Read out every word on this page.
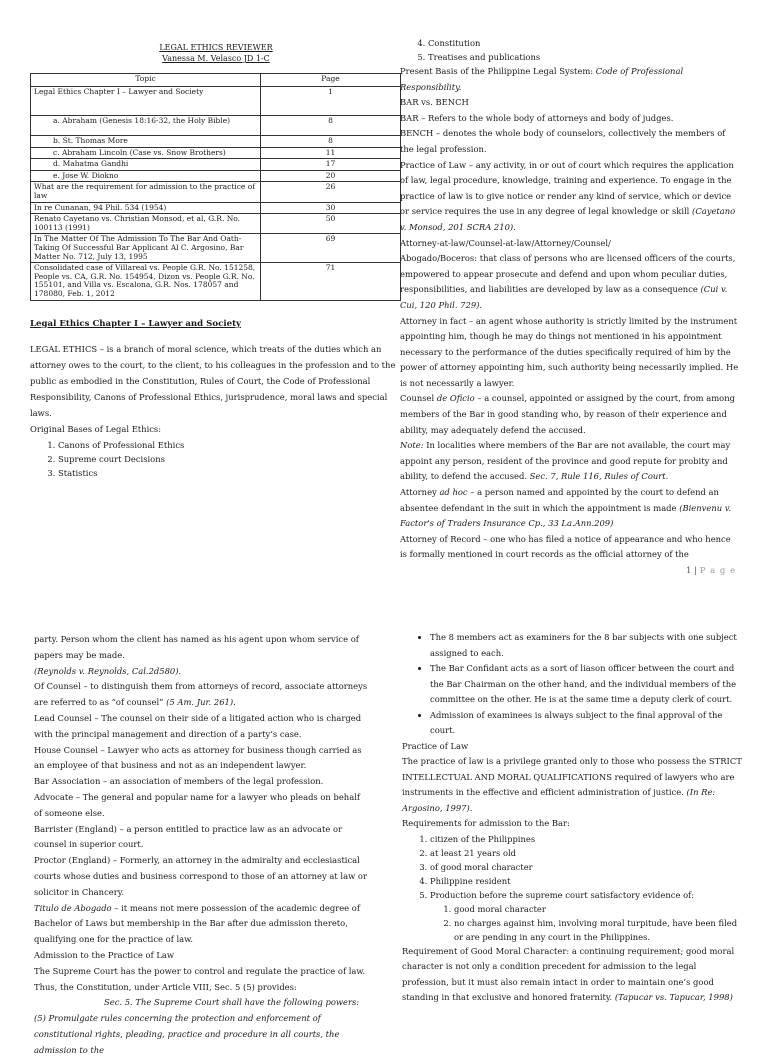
LEGAL ETHICS REVIEWER
Vanessa M. Velasco JD 1-C
Topic	Page
Legal Ethics Chapter I – Lawyer and Society	1
a. Abraham (Genesis 18:16-32, the Holy Bible)	8
b. St. Thomas More	8
c. Abraham Lincoln (Case vs. Snow Brothers)	11
d. Mahatma Gandhi	17
e. Jose W. Diokno	20
What are the requirement for admission to the practice of law	26
In re Cunanan, 94 Phil. 534 (1954)	30
Renato Cayetano vs. Christian Monsod, et al, G.R. No. 100113 (1991)	50
In The Matter Of The Admission To The Bar And Oath-Taking Of Successful Bar Applicant Al C. Argosino, Bar Matter No. 712, July 13, 1995	69
Consolidated case of Villareal vs. People G.R. No. 151258, People vs. CA, G.R. No. 154954, Dizon vs. People G.R. No. 155101, and Villa vs. Escalona, G.R. Nos. 178057 and 178080, Feb. 1, 2012	71

Legal Ethics Chapter I – Lawyer and Society

LEGAL ETHICS – is a branch of moral science, which treats of the duties which an attorney owes to the court, to the client, to his colleagues in the profession and to the public as embodied in the Constitution, Rules of Court, the Code of Professional Responsibility, Canons of Professional Ethics, jurisprudence, moral laws and special laws.

Original Bases of Legal Ethics:

1. Canons of Professional Ethics
2. Supreme court Decisions
3. Statistics
4. Constitution
5. Treatises and publications

Present Basis of the Philippine Legal System: Code of Professional Responsibility.

BAR vs. BENCH

BAR – Refers to the whole body of attorneys and body of judges.

BENCH – denotes the whole body of counselors, collectively the members of the legal profession.

Practice of Law – any activity, in or out of court which requires the application of law, legal procedure, knowledge, training and experience. To engage in the practice of law is to give notice or render any kind of service, which or device or service requires the use in any degree of legal knowledge or skill (Cayetano v. Monsod, 201 SCRA 210).

Attorney-at-law/Counsel-at-law/Attorney/Counsel/

Abogado/Boceros: that class of persons who are licensed officers of the courts, empowered to appear prosecute and defend and upon whom peculiar duties, responsibilities, and liabilities are developed by law as a consequence (Cui v. Cui, 120 Phil. 729).

Attorney in fact – an agent whose authority is strictly limited by the instrument appointing him, though he may do things not mentioned in his appointment necessary to the performance of the duties specifically required of him by the power of attorney appointing him, such authority being necessarily implied. He is not necessarily a lawyer.

Counsel de Oficio – a counsel, appointed or assigned by the court, from among members of the Bar in good standing who, by reason of their experience and ability, may adequately defend the accused.

Note: In localities where members of the Bar are not available, the court may appoint any person, resident of the province and good repute for probity and ability, to defend the accused. Sec. 7, Rule 116, Rules of Court.

Attorney ad hoc – a person named and appointed by the court to defend an absentee defendant in the suit in which the appointment is made (Bienvenu v. Factor's of Traders Insurance Cp., 33 La.Ann.209)

Attorney of Record – one who has filed a notice of appearance and who hence is formally mentioned in court records as the official attorney of the

1 | P a g e

party. Person whom the client has named as his agent upon whom service of papers may be made.

(Reynolds v. Reynolds, Cal.2d580).

Of Counsel – to distinguish them from attorneys of record, associate attorneys are referred to as “of counsel” (5 Am. Jur. 261).

Lead Counsel – The counsel on their side of a litigated action who is charged with the principal management and direction of a party’s case.

House Counsel – Lawyer who acts as attorney for business though carried as an employee of that business and not as an independent lawyer.

Bar Association – an association of members of the legal profession.

Advocate – The general and popular name for a lawyer who pleads on behalf of someone else.

Barrister (England) – a person entitled to practice law as an advocate or counsel in superior court.

Proctor (England) – Formerly, an attorney in the admiralty and ecclesiastical courts whose duties and business correspond to those of an attorney at law or solicitor in Chancery.

Titulo de Abogado – it means not mere possession of the academic degree of Bachelor of Laws but membership in the Bar after due admission thereto, qualifying one for the practice of law.

Admission to the Practice of Law

The Supreme Court has the power to control and regulate the practice of law. Thus, the Constitution, under Article VIII, Sec. 5 (5) provides:

Sec. 5. The Supreme Court shall have the following powers:

(5) Promulgate rules concerning the protection and enforcement of constitutional rights, pleading, practice and procedure in all courts, the admission to the

• The 8 members act as examiners for the 8 bar subjects with one subject assigned to each.
• The Bar Confidant acts as a sort of liason officer between the court and the Bar Chairman on the other hand, and the individual members of the committee on the other. He is at the same time a deputy clerk of court.
• Admission of examinees is always subject to the final approval of the court.

Practice of Law

The practice of law is a privilege granted only to those who possess the STRICT INTELLECTUAL AND MORAL QUALIFICATIONS required of lawyers who are instruments in the effective and efficient administration of justice. (In Re: Argosino, 1997).

Requirements for admission to the Bar:

1. citizen of the Philippines
2. at least 21 years old
3. of good moral character
4. Philippine resident
5. Production before the supreme court satisfactory evidence of:
1. good moral character
2. no charges against him, involving moral turpitude, have been filed or are pending in any court in the Philippines.

Requirement of Good Moral Character: a continuing requirement; good moral character is not only a condition precedent for admission to the legal profession, but it must also remain intact in order to maintain one’s good standing in that exclusive and honored fraternity. (Tapucar vs. Tapucar, 1998)
